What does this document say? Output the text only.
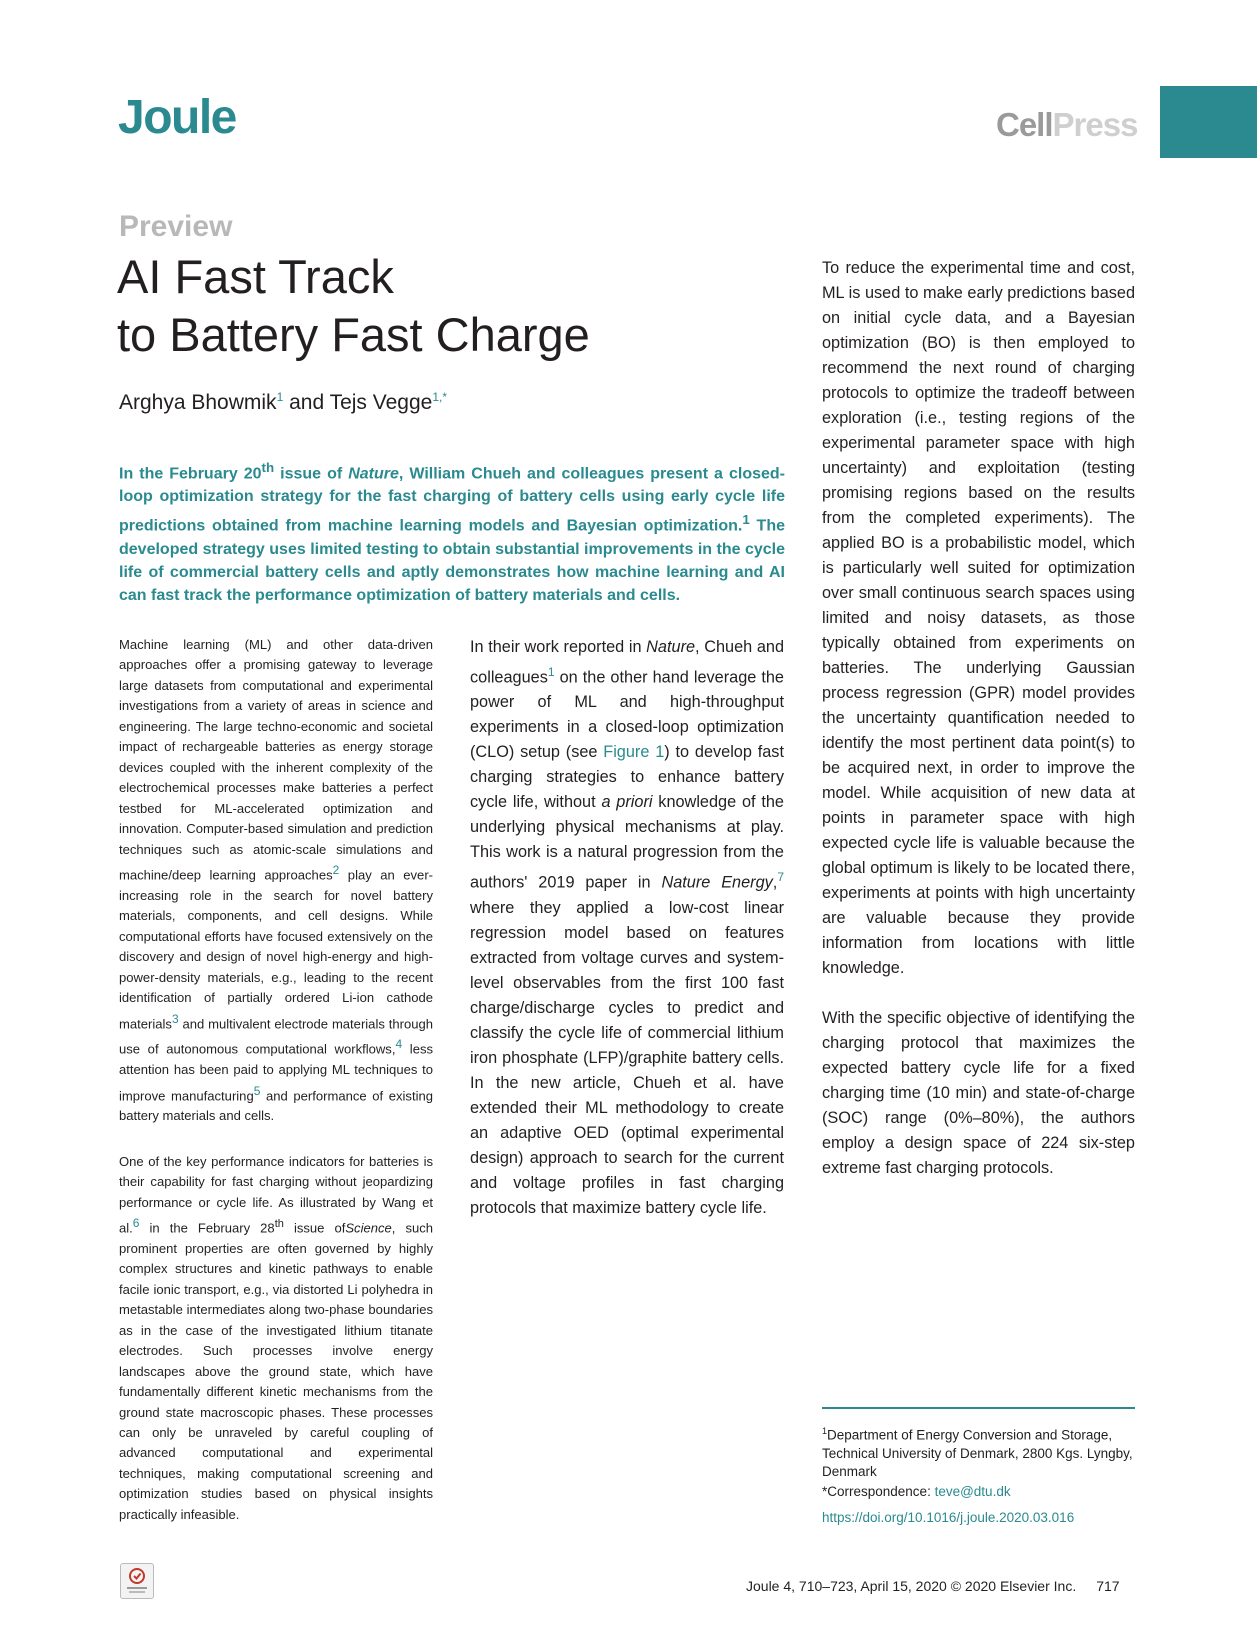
Joule	CellPress
Preview
AI Fast Track
to Battery Fast Charge
Arghya Bhowmik$^1$ and Tejs Vegge$^{1,*}$

In the February 20th issue of Nature, William Chueh and colleagues present a closed-loop optimization strategy for the fast charging of battery cells using early cycle life predictions obtained from machine learning models and Bayesian optimization.$^1$ The developed strategy uses limited testing to obtain substantial improvements in the cycle life of commercial battery cells and aptly demonstrates how machine learning and AI can fast track the performance optimization of battery materials and cells.

Machine learning (ML) and other data-driven approaches offer a promising gateway to leverage large datasets from computational and experimental investigations from a variety of areas in science and engineering. The large techno-economic and societal impact of rechargeable batteries as energy storage devices coupled with the inherent complexity of the electrochemical processes make batteries a perfect testbed for ML-accelerated optimization and innovation. Computer-based simulation and prediction techniques such as atomic-scale simulations and machine/deep learning approaches$^2$ play an ever-increasing role in the search for novel battery materials, components, and cell designs. While computational efforts have focused extensively on the discovery and design of novel high-energy and high-power-density materials, e.g., leading to the recent identification of partially ordered Li-ion cathode materials$^3$ and multivalent electrode materials through use of autonomous computational workflows,$^4$ less attention has been paid to applying ML techniques to improve manufacturing$^5$ and performance of existing battery materials and cells.

One of the key performance indicators for batteries is their capability for fast charging without jeopardizing performance or cycle life. As illustrated by Wang et al.$^6$ in the February 28th issue ofScience, such prominent properties are often governed by highly complex structures and kinetic pathways to enable facile ionic transport, e.g., via distorted Li polyhedra in metastable intermediates along two-phase boundaries as in the case of the investigated lithium titanate electrodes. Such processes involve energy landscapes above the ground state, which have fundamentally different kinetic mechanisms from the ground state macroscopic phases. These processes can only be unraveled by careful coupling of advanced computational and experimental techniques, making computational screening and optimization studies based on physical insights practically infeasible.

In their work reported in Nature, Chueh and colleagues$^1$ on the other hand leverage the power of ML and high-throughput experiments in a closed-loop optimization (CLO) setup (see Figure 1) to develop fast charging strategies to enhance battery cycle life, without a priori knowledge of the underlying physical mechanisms at play. This work is a natural progression from the authors' 2019 paper in Nature Energy,$^7$ where they applied a low-cost linear regression model based on features extracted from voltage curves and system-level observables from the first 100 fast charge/discharge cycles to predict and classify the cycle life of commercial lithium iron phosphate (LFP)/graphite battery cells. In the new article, Chueh et al. have extended their ML methodology to create an adaptive OED (optimal experimental design) approach to search for the current and voltage profiles in fast charging protocols that maximize battery cycle life.

To reduce the experimental time and cost, ML is used to make early predictions based on initial cycle data, and a Bayesian optimization (BO) is then employed to recommend the next round of charging protocols to optimize the tradeoff between exploration (i.e., testing regions of the experimental parameter space with high uncertainty) and exploitation (testing promising regions based on the results from the completed experiments). The applied BO is a probabilistic model, which is particularly well suited for optimization over small continuous search spaces using limited and noisy datasets, as those typically obtained from experiments on batteries. The underlying Gaussian process regression (GPR) model provides the uncertainty quantification needed to identify the most pertinent data point(s) to be acquired next, in order to improve the model. While acquisition of new data at points in parameter space with high expected cycle life is valuable because the global optimum is likely to be located there, experiments at points with high uncertainty are valuable because they provide information from locations with little knowledge.

With the specific objective of identifying the charging protocol that maximizes the expected battery cycle life for a fixed charging time (10 min) and state-of-charge (SOC) range (0%–80%), the authors employ a design space of 224 six-step extreme fast charging protocols.

$^1$Department of Energy Conversion and Storage, Technical University of Denmark, 2800 Kgs. Lyngby, Denmark

*Correspondence: teve@dtu.dk
https://doi.org/10.1016/j.joule.2020.03.016
Joule 4, 710–723, April 15, 2020 © 2020 Elsevier Inc. 717
